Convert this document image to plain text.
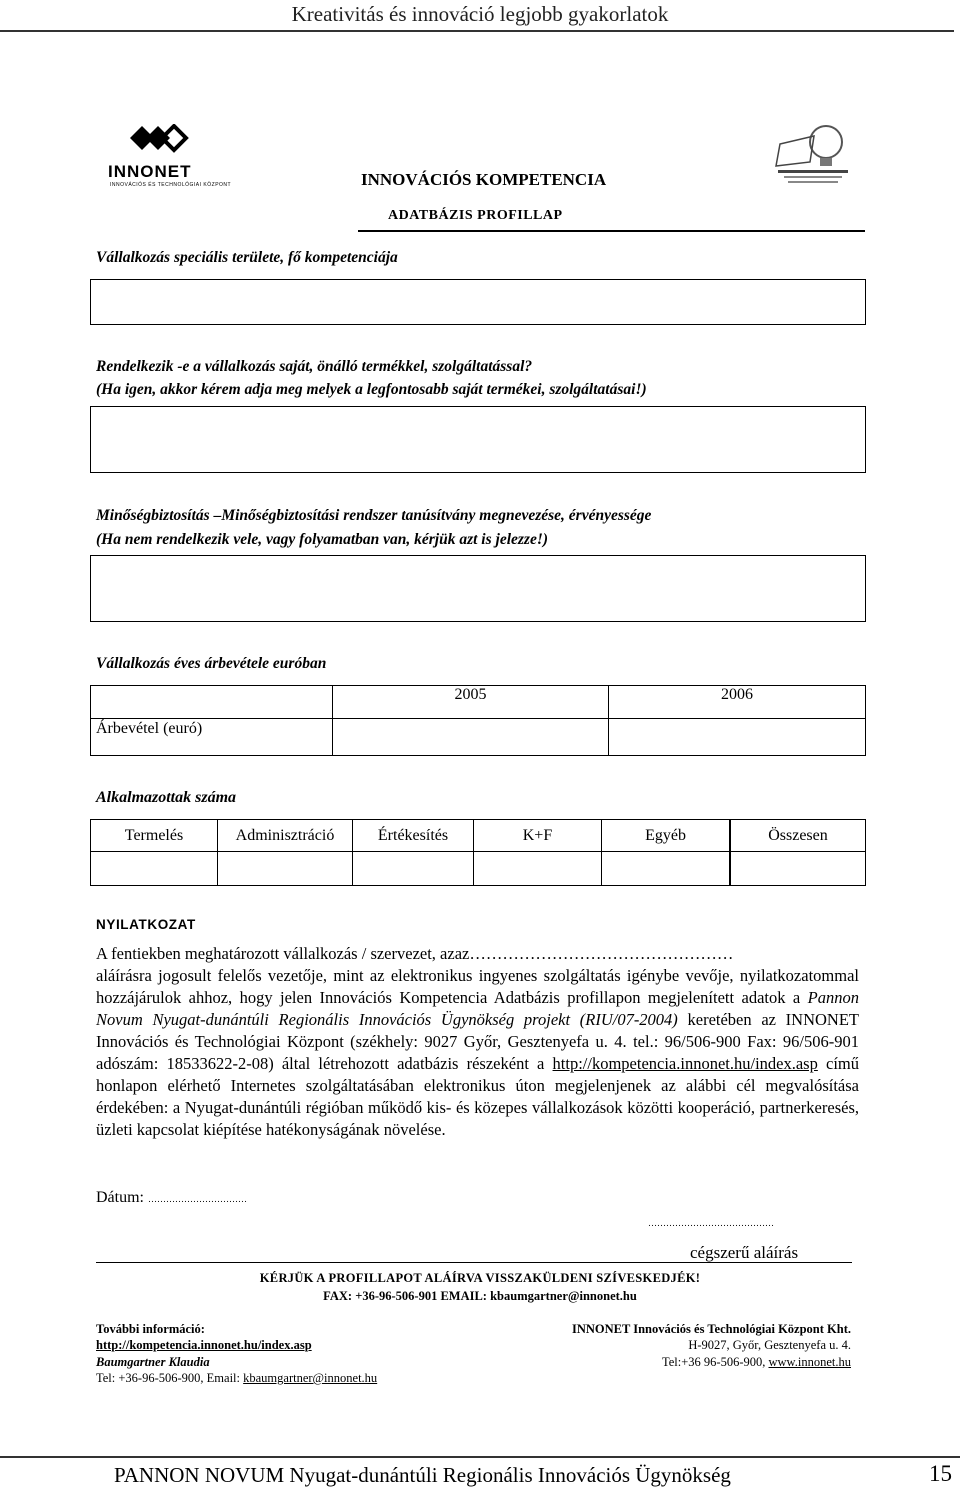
Kreativitás és innováció legjobb gyakorlatok
INNONET
INNOVÁCIÓS ÉS TECHNOLÓGIAI KÖZPONT	INNOVÁCIÓS KOMPETENCIA
ADATBÁZIS PROFILLAP
Vállalkozás speciális területe, fő kompetenciája
Rendelkezik -e a vállalkozás saját, önálló termékkel, szolgáltatással?
(Ha igen, akkor kérem adja meg melyek a legfontosabb saját termékei, szolgáltatásai!)
Minőségbiztosítás –Minőségbiztosítási rendszer tanúsítvány megnevezése, érvényessége
(Ha nem rendelkezik vele, vagy folyamatban van, kérjük azt is jelezze!)
Vállalkozás éves árbevétele euróban
	2005	2006
Árbevétel (euró)		
Alkalmazottak száma
Termelés	Adminisztráció	Értékesítés	K+F	Egyéb	Összesen

NYILATKOZAT

A fentiekben meghatározott vállalkozás / szervezet, azaz…………………………………………

aláírásra jogosult felelős vezetője, mint az elektronikus ingyenes szolgáltatás igénybe vevője, nyilatkozatommal hozzájárulok ahhoz, hogy jelen Innovációs Kompetencia Adatbázis profillapon megjelenített adatok a Pannon Novum Nyugat-dunántúli Regionális Innovációs Ügynökség projekt (RIU/07-2004) keretében az INNONET Innovációs és Technológiai Központ (székhely: 9027 Győr, Gesztenyefa u. 4. tel.: 96/506-900 Fax: 96/506-901 adószám: 18533622-2-08) által létrehozott adatbázis részeként a http://kompetencia.innonet.hu/index.asp című honlapon elérhető Internetes szolgáltatásában elektronikus úton megjelenjenek az alábbi cél megvalósítása érdekében: a Nyugat-dunántúli régióban működő kis- és közepes vállalkozások közötti kooperáció, partnerkeresés, üzleti kapcsolat kiépítése hatékonyságának növelése.

Dátum: ……………………………
……………………………………
cégszerű aláírás
KÉRJÜK A PROFILLAPOT ALÁÍRVA VISSZAKÜLDENI SZÍVESKEDJÉK!
FAX: +36-96-506-901 EMAIL: kbaumgartner@innonet.hu
További információ:
http://kompetencia.innonet.hu/index.asp
Baumgartner Klaudia
Tel: +36-96-506-900, Email: kbaumgartner@innonet.hu
INNONET Innovációs és Technológiai Központ Kht.
H-9027, Győr, Gesztenyefa u. 4.
Tel:+36 96-506-900, www.innonet.hu
PANNON NOVUM Nyugat-dunántúli Regionális Innovációs Ügynökség	15
